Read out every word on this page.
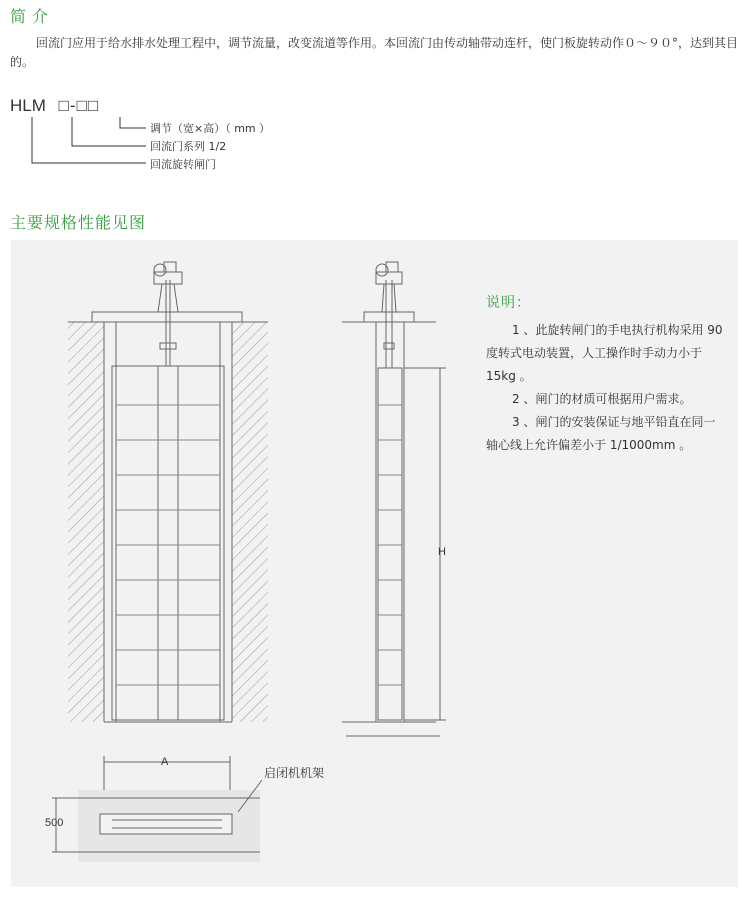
简介
回流门应用于给水排水处理工程中，调节流量，改变流道等作用。本回流门由传动轴带动连杆，使门板旋转动作０～９０°，达到其目的。
HLM □-□□
调节（宽×高）（ mm ）
回流门系列 1/2
回流旋转闸门
主要规格性能见图
A
H
500
启闭机机架
说明：

1 、此旋转闸门的手电执行机构采用 90 度转式电动装置，人工操作时手动力小于 15kg 。

2 、闸门的材质可根据用户需求。

3 、闸门的安装保证与地平铅直在同一轴心线上允许偏差小于 1/1000mm 。
